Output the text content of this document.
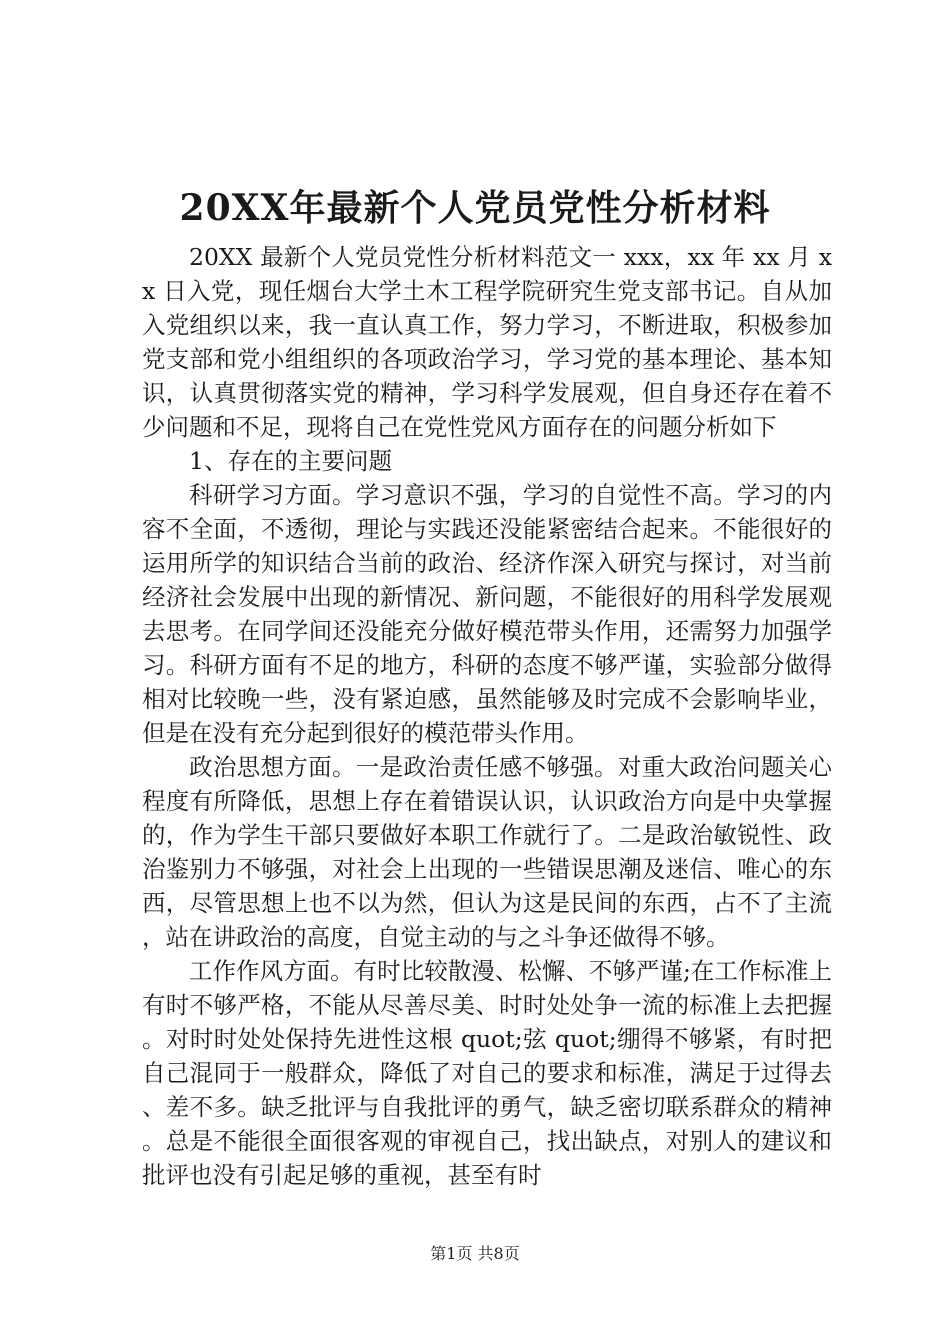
20XX年最新个人党员党性分析材料

20XX 最新个人党员党性分析材料范文一 xxx，xx 年 xx 月 xx 日入党，现任烟台大学土木工程学院研究生党支部书记。自从加入党组织以来，我一直认真工作，努力学习，不断进取，积极参加党支部和党小组组织的各项政治学习，学习党的基本理论、基本知识，认真贯彻落实党的精神，学习科学发展观，但自身还存在着不少问题和不足，现将自己在党性党风方面存在的问题分析如下

1、存在的主要问题

科研学习方面。学习意识不强，学习的自觉性不高。学习的内容不全面，不透彻，理论与实践还没能紧密结合起来。不能很好的运用所学的知识结合当前的政治、经济作深入研究与探讨，对当前经济社会发展中出现的新情况、新问题，不能很好的用科学发展观去思考。在同学间还没能充分做好模范带头作用，还需努力加强学习。科研方面有不足的地方，科研的态度不够严谨，实验部分做得相对比较晚一些，没有紧迫感，虽然能够及时完成不会影响毕业，但是在没有充分起到很好的模范带头作用。

政治思想方面。一是政治责任感不够强。对重大政治问题关心程度有所降低，思想上存在着错误认识，认识政治方向是中央掌握的，作为学生干部只要做好本职工作就行了。二是政治敏锐性、政治鉴别力不够强，对社会上出现的一些错误思潮及迷信、唯心的东西，尽管思想上也不以为然，但认为这是民间的东西，占不了主流，站在讲政治的高度，自觉主动的与之斗争还做得不够。

工作作风方面。有时比较散漫、松懈、不够严谨;在工作标准上有时不够严格，不能从尽善尽美、时时处处争一流的标准上去把握。对时时处处保持先进性这根 quot;弦 quot;绷得不够紧，有时把自己混同于一般群众，降低了对自己的要求和标准，满足于过得去、差不多。缺乏批评与自我批评的勇气，缺乏密切联系群众的精神。总是不能很全面很客观的审视自己，找出缺点，对别人的建议和批评也没有引起足够的重视，甚至有时

第1页 共8页
